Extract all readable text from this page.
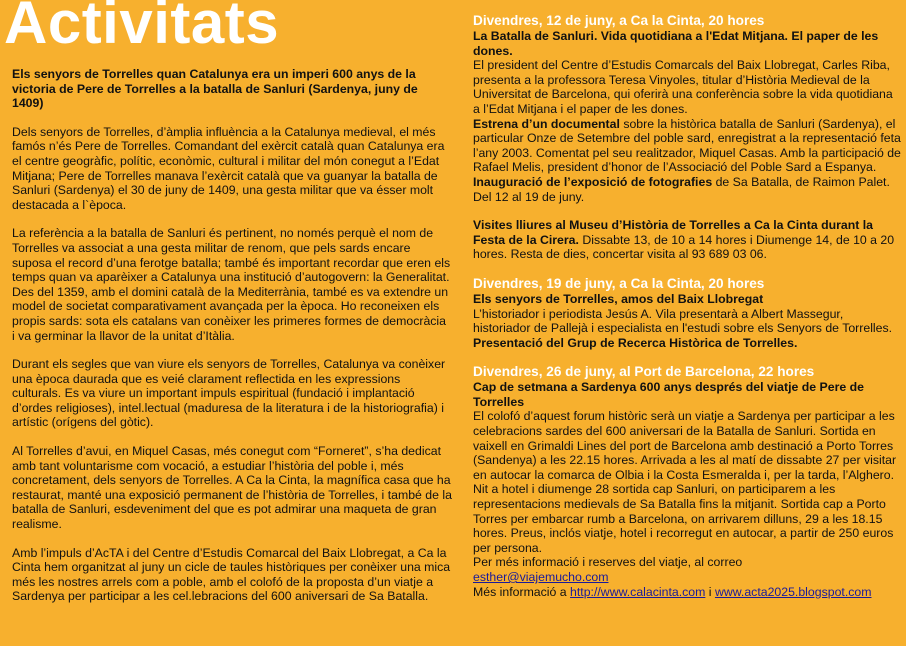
Activitats

Els senyors de Torrelles quan Catalunya era un imperi 600 anys de la victoria de Pere de Torrelles a la batalla de Sanluri (Sardenya, juny de 1409)

Dels senyors de Torrelles, d’àmplia influència a la Catalunya medieval, el més famós n’és Pere de Torrelles. Comandant del exèrcit català quan Catalunya era el centre geogràfic, polític, econòmic, cultural i militar del món conegut a l’Edat Mitjana; Pere de Torrelles manava l’exèrcit català que va guanyar la batalla de Sanluri (Sardenya) el 30 de juny de 1409, una gesta militar que va ésser molt destacada a l`època.

La referència a la batalla de Sanluri és pertinent, no només perquè el nom de Torrelles va associat a una gesta militar de renom, que pels sards encare suposa el record d’una ferotge batalla; també és important recordar que eren els temps quan va aparèixer a Catalunya una institució d’autogovern: la Generalitat. Des del 1359, amb el domini català de la Mediterrània, també es va extendre un model de societat comparativament avançada per la època. Ho reconeixen els propis sards: sota els catalans van conèixer les primeres formes de democràcia i va germinar la llavor de la unitat d’Itàlia.

Durant els segles que van viure els senyors de Torrelles, Catalunya va conèixer una època daurada que es veié clarament reflectida en les expressions culturals. Es va viure un important impuls espiritual (fundació i implantació d’ordes religioses), intel.lectual (maduresa de la literatura i de la historiografia) i artístic (orígens del gòtic).

Al Torrelles d’avui, en Miquel Casas, més conegut com “Forneret”, s’ha dedicat amb tant voluntarisme com vocació, a estudiar l’història del poble i, més concretament, dels senyors de Torrelles. A Ca la Cinta, la magnífica casa que ha restaurat, manté una exposició permanent de l’història de Torrelles, i també de la batalla de Sanluri, esdeveniment del que es pot admirar una maqueta de gran realisme.

Amb l’impuls d’AcTA i del Centre d’Estudis Comarcal del Baix Llobregat, a Ca la Cinta hem organitzat al juny un cicle de taules històriques per conèixer una mica més les nostres arrels com a poble, amb el colofó de la proposta d’un viatje a Sardenya per participar a les cel.lebracions del 600 aniversari de Sa Batalla.

Divendres, 12 de juny, a Ca la Cinta, 20 hores

La Batalla de Sanluri. Vida quotidiana a l'Edat Mitjana. El paper de les dones.

El president del Centre d’Estudis Comarcals del Baix Llobregat, Carles Riba, presenta a la professora Teresa Vinyoles, titular d’Història Medieval de la Universitat de Barcelona, qui oferirà una conferència sobre la vida quotidiana a l’Edat Mitjana i el paper de les dones.

Estrena d’un documental sobre la històrica batalla de Sanluri (Sardenya), el particular Onze de Setembre del poble sard, enregistrat a la representació feta l’any 2003. Comentat pel seu realitzador, Miquel Casas. Amb la participació de Rafael Melis, president d’honor de l’Associació del Poble Sard a Espanya.

Inauguració de l’exposició de fotografies de Sa Batalla, de Raimon Palet. Del 12 al 19 de juny.

Visites lliures al Museu d’Història de Torrelles a Ca la Cinta durant la Festa de la Cirera. Dissabte 13, de 10 a 14 hores i Diumenge 14, de 10 a 20 hores. Resta de dies, concertar visita al 93 689 03 06.

Divendres, 19 de juny, a Ca la Cinta, 20 hores

Els senyors de Torrelles, amos del Baix Llobregat

L’historiador i periodista Jesús A. Vila presentarà a Albert Massegur, historiador de Pallejà i especialista en l'estudi sobre els Senyors de Torrelles.

Presentació del Grup de Recerca Històrica de Torrelles.

Divendres, 26 de juny, al Port de Barcelona, 22 hores

Cap de setmana a Sardenya 600 anys després del viatje de Pere de Torrelles

El colofó d’aquest forum històric serà un viatje a Sardenya per participar a les celebracions sardes del 600 aniversari de la Batalla de Sanluri. Sortida en vaixell en Grimaldi Lines del port de Barcelona amb destinació a Porto Torres (Sandenya) a les 22.15 hores. Arrivada a les al matí de dissabte 27 per visitar en autocar la comarca de Olbia i la Costa Esmeralda i, per la tarda, l’Alghero. Nit a hotel i diumenge 28 sortida cap Sanluri, on participarem a les representacions medievals de Sa Batalla fins la mitjanit. Sortida cap a Porto Torres per embarcar rumb a Barcelona, on arrivarem dilluns, 29 a les 18.15 hores. Preus, inclós viatje, hotel i recorregut en autocar, a partir de 250 euros per persona.

Per més informació i reserves del viatje, al correo

esther@viajemucho.com

Més informació a http://www.calacinta.com i www.acta2025.blogspot.com
